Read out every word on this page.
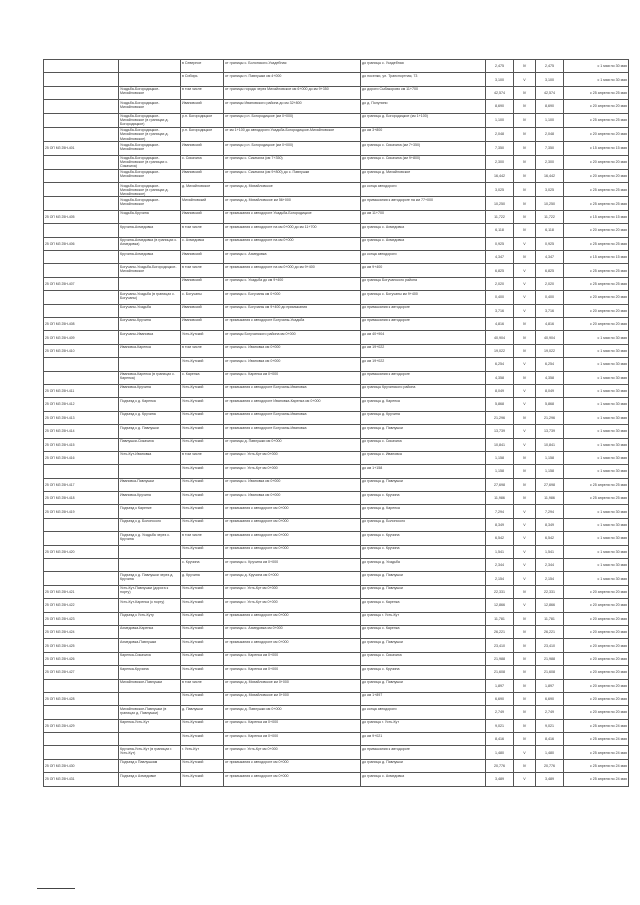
		в Северное	от границы с. Болонского-Усадебная	до границы с. Усадебная	2,475	IV	2,475	с 1 мая по 30 мая
		в Сибирь	от границы н. Павлушки км 4+000	до поселки, ул. Транспортная, 73	3,100	V	3,100	с 1 мая по 30 мая
	Усадьба-Богородицкое-Михайловское	в том числе	от границы города через Михайловское км 6+000 до км 9+350	до дороги Сыбакорово км 11+700	42,574	IV	42,574	с 25 апреля по 25 мая
	Усадьба-Богородицкое-Михайловское	Ивановский	от границы Ивановского района до км 32+800	до д. Полунино	8,690	IV	8,690	с 20 апреля по 20 мая
	Усадьба-Богородицкое-Михайловское (в границах д. Богородицкое)	р.п. Богородицкое	от границы р.п. Богородицкое (км 0+000)	до границы д. Богородицкое (км 1+100)	1,100	IV	1,100	с 25 апреля по 25 мая
	Усадьба-Богородицкое-Михайловское (в границах д. Михайловское)	р.п. Богородицкое	от км 1+100 до автодороги Усадьба-Богородицкое-Михайловское	до км 3+800	2,048	IV	2,048	с 20 апреля по 20 мая
25 ОП МЗ 25Н-401	Усадьба-Богородицкое-Михайловское	Ивановский	от границы р.п. Богородицкое (км 0+000)	до границы с. Сикачиха (км 7+350)	7,350	IV	7,350	с 15 апреля по 15 мая
	Усадьба-Богородицкое-Михайловское (в границах с. Сикачиха)	с. Сикачиха	от границы с. Сикачиха (км 7+350)	до границы с. Сикачиха (км 9+800)	2,300	IV	2,300	с 20 апреля по 20 мая
	Усадьба-Богородицкое-Михайловское	Ивановский	от границы с. Сикачиха (км 9+800) до с. Павлушки	до границы д. Михайловское	16,442	IV	16,442	с 20 апреля по 20 мая
	Усадьба-Богородицкое-Михайловское (в границах д. Михайловское)	д. Михайловское	от границы д. Михайловское	до конца автодороги	3,025	IV	3,025	с 25 апреля по 25 мая
	Усадьба-Богородицкое-Михайловское	Михайловский	от границы д. Михайловское км 56+000	до примыкания к автодороге на км 77+000	10,250	IV	10,250	с 25 апреля по 25 мая
25 ОП МЗ 25Н-405	Усадьба-Кручина	Ивановский	от примыкания к автодороге Усадьба-Богородицкое	до км 11+700	11,722	IV	11,722	с 15 апреля по 15 мая
	Кручина-Ахмедовка	в том числе	от примыкания к автодороге на км 0+000 до км 11+700	до границы с. Ахмедовка	6,118	IV	6,118	с 20 апреля по 20 мая
25 ОП МЗ 25Н-406	Кручина-Ахмедовка (в границах с. Ахмедовка)	с. Ахмедовка	от примыкания к автодороге на км 0+000	до границы с. Ахмедовка	0,925	V	0,925	с 25 апреля по 25 мая
	Кручина-Ахмедовка	Ивановский	от границы с. Ахмедовка	до конца автодороги	4,347	IV	4,347	с 15 апреля по 15 мая
	Богучаны-Усадьба-Богородицкое-Михайловское	в том числе	от примыкания к автодороге на км 0+000 до км 9+400	до км 9+400	6,825	V	6,825	с 25 апреля по 25 мая
25 ОП МЗ 25Н-407		Ивановский	от границы с. Усадьба до км 9+400	до границы Богучанского района	2,020	V	2,020	с 25 апреля по 25 мая
	Богучаны-Усадьба (в границах с. Богучаны)	с. Богучаны	от границы с. Богучаны км 0+000	до границы с. Богучаны км 9+400	0,400	V	0,400	с 20 апреля по 20 мая
	Богучаны-Усадьба	Ивановский	от границы с. Богучаны км 9+400 до примыкания	до примыкания к автодороге	3,716	V	3,716	с 20 апреля по 20 мая
25 ОП МЗ 25Н-408	Богучаны-Кручина	Ивановский	от примыкания к автодороге Богучаны-Усадьба	до примыкания к автодороге	4,816	IV	4,816	с 20 апреля по 20 мая
25 ОП МЗ 25Н-409	Богучаны-Ивановка	Усть-Кутский	от границы Богучанского района км 0+000	до км 40+904	40,904	IV	40,904	с 1 мая по 30 мая
25 ОП МЗ 25Н-410	Ивановка-Каренка	в том числе	от границы с. Ивановка км 0+000	до км 19+022	19,022	IV	19,022	с 1 мая по 30 мая
		Усть-Кутский	от границы с. Ивановка км 0+000	до км 19+022	6,254	V	6,254	с 1 мая по 30 мая
	Ивановка-Каренка (в границах с. Каренка)	с. Каренка	от границы с. Каренка км 0+000	до примыкания к автодороге	4,358	IV	4,358	с 1 мая по 30 мая
25 ОП МЗ 25Н-411	Ивановка-Кручина	Усть-Кутский	от примыкания к автодороге Богучаны-Ивановка	до границы Кручинского района	8,049	V	8,049	с 1 мая по 30 мая
25 ОП МЗ 25Н-412	Подъезд к д. Каренка	Усть-Кутский	от примыкания к автодороге Ивановка-Каренка км 0+000	до границы д. Каренка	5,868	V	5,868	с 1 мая по 30 мая
25 ОП МЗ 25Н-413	Подъезд к д. Кручина	Усть-Кутский	от примыкания к автодороге Богучаны-Ивановка	до границы д. Кручина	21,296	IV	21,296	с 1 мая по 30 мая
25 ОП МЗ 25Н-414	Подъезд к д. Павлушки	Усть-Кутский	от примыкания к автодороге Богучаны-Ивановка	до границы д. Павлушки	13,739	V	13,739	с 1 мая по 30 мая
25 ОП МЗ 25Н-415	Павлушки-Сикачиха	Усть-Кутский	от границы д. Павлушки км 0+000	до границы с. Сикачиха	10,841	V	10,841	с 1 мая по 30 мая
25 ОП МЗ 25Н-416	Усть-Кут-Ивановка	в том числе	от границы г. Усть-Кут км 0+000	до границы с. Ивановка	1,158	IV	1,158	с 1 мая по 30 мая
		Усть-Кутский	от границы г. Усть-Кут км 0+000	до км 1+158	1,158	IV	1,158	с 1 мая по 30 мая
25 ОП МЗ 25Н-417	Ивановка-Павлушки	Усть-Кутский	от границы с. Ивановка км 0+000	до границы д. Павлушки	27,698	IV	27,698	с 25 апреля по 25 мая
25 ОП МЗ 25Н-418	Ивановка-Кручина	Усть-Кутский	от границы с. Ивановка км 0+000	до границы с. Кручина	11,986	IV	11,986	с 25 апреля по 25 мая
25 ОП МЗ 25Н-419	Подъезд к Каренке	Усть-Кутский	от примыкания к автодороге км 0+000	до границы д. Каренка	7,294	V	7,294	с 1 мая по 30 мая
	Подъезд к д. Болонского	Усть-Кутский	от примыкания к автодороге км 0+000	до границы д. Болонского	8,349	V	8,349	с 1 мая по 30 мая
	Подъезд к д. Усадьба через с. Кручина	в том числе	от примыкания к автодороге км 0+000	до границы с. Кручина	6,542	V	6,542	с 1 мая по 30 мая
25 ОП МЗ 25Н-420		Усть-Кутский	от примыкания к автодороге км 0+000	до границы с. Кручина	1,541	V	1,541	с 1 мая по 30 мая
		с. Кручина	от границы с. Кручина км 0+000	до границы д. Усадьба	2,344	V	2,344	с 1 мая по 30 мая
	Подъезд к д. Павлушки через д. Кручина	д. Кручина	от границы д. Кручина км 0+000	до границы д. Павлушки	2,154	V	2,154	с 1 мая по 30 мая
25 ОП МЗ 25Н-421	Усть-Кут-Павлушки (дорога к порту)	Усть-Кутский	от границы г. Усть-Кут км 0+000	до границы д. Павлушки	22,331	IV	22,331	с 20 апреля по 20 мая
25 ОП МЗ 25Н-422	Усть-Кут-Каренка (к порту)	Усть-Кутский	от границы г. Усть-Кут км 0+000	до границы с. Каренка	12,866	V	12,866	с 20 апреля по 20 мая
25 ОП МЗ 25Н-423	Подъезд к Усть-Куту	Усть-Кутский	от примыкания к автодороге км 0+000	до границы г. Усть-Кут	11,781	IV	11,781	с 20 апреля по 20 мая
25 ОП МЗ 25Н-424	Ахмедовка-Каренка	Усть-Кутский	от границы с. Ахмедовка км 0+000	до границы с. Каренка	26,221	IV	26,221	с 20 апреля по 20 мая
25 ОП МЗ 25Н-425	Ахмедовка-Павлушки	Усть-Кутский	от примыкания к автодороге км 0+000	до границы д. Павлушки	23,410	IV	23,410	с 20 апреля по 20 мая
25 ОП МЗ 25Н-426	Каренка-Сикачиха	Усть-Кутский	от границы с. Каренка км 0+000	до границы с. Сикачиха	21,988	IV	21,988	с 20 апреля по 20 мая
25 ОП МЗ 25Н-427	Каренка-Кручина	Усть-Кутский	от границы с. Каренка км 0+000	до границы с. Кручина	21,608	IV	21,608	с 20 апреля по 20 мая
	Михайловское-Павлушки	в том числе	от границы д. Михайловское км 0+000	до границы д. Павлушки	1,897	IV	1,897	с 20 апреля по 20 мая
25 ОП МЗ 25Н-428		Усть-Кутский	от границы д. Михайловское км 0+000	до км 1+897	6,690	IV	6,690	с 20 апреля по 20 мая
	Михайловское-Павлушки (в границах д. Павлушки)	д. Павлушки	от границы д. Павлушки км 0+000	до конца автодороги	2,749	IV	2,749	с 20 апреля по 20 мая
25 ОП МЗ 25Н-429	Каренка-Усть-Кут	Усть-Кутский	от границы с. Каренка км 0+000	до границы г. Усть-Кут	9,021	IV	9,021	с 25 апреля по 24 мая
		Усть-Кутский	от границы с. Каренка км 0+000	до км 9+021	8,416	IV	8,416	с 25 апреля по 24 мая
	Кручина-Усть-Кут (в границах г. Усть-Кут)	г. Усть-Кут	от границы г. Усть-Кут км 0+000	до примыкания к автодороге	1,480	V	1,480	с 25 апреля по 24 мая
25 ОП МЗ 25Н-430	Подъезд к Павлушкам	Усть-Кутский	от примыкания к автодороге км 0+000	до границы д. Павлушки	20,776	IV	20,776	с 25 апреля по 24 мая
25 ОП МЗ 25Н-431	Подъезд к Ахмедовке	Усть-Кутский	от примыкания к автодороге км 0+000	до границы с. Ахмедовка	3,489	V	3,489	с 25 апреля по 24 мая
